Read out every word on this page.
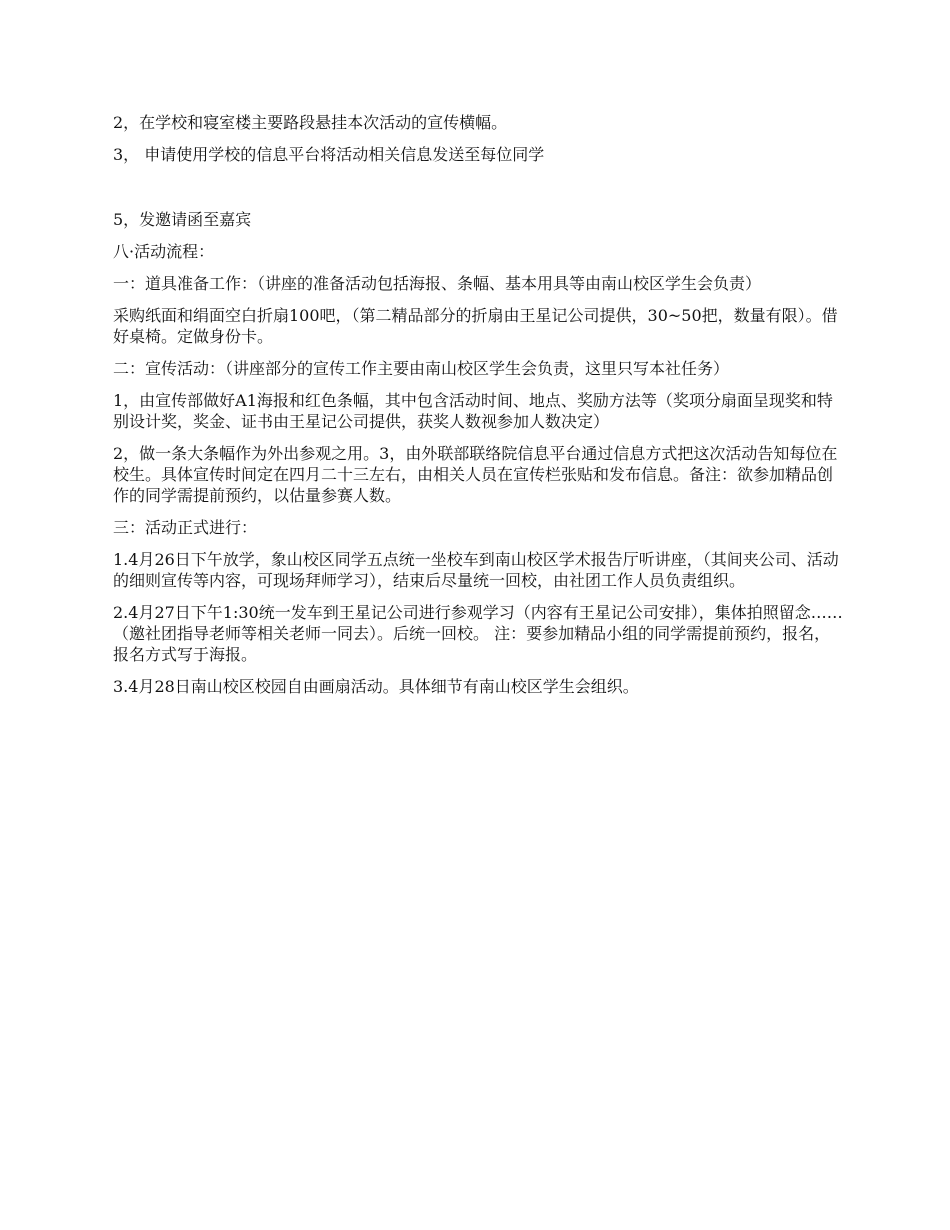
2，在学校和寝室楼主要路段悬挂本次活动的宣传横幅。

3， 申请使用学校的信息平台将活动相关信息发送至每位同学

5，发邀请函至嘉宾

八·活动流程：

一：道具准备工作：（讲座的准备活动包括海报、条幅、基本用具等由南山校区学生会负责）

采购纸面和绢面空白折扇100吧，（第二精品部分的折扇由王星记公司提供，30~50把，数量有限）。借好桌椅。定做身份卡。

二：宣传活动：（讲座部分的宣传工作主要由南山校区学生会负责，这里只写本社任务）

1，由宣传部做好A1海报和红色条幅，其中包含活动时间、地点、奖励方法等（奖项分扇面呈现奖和特别设计奖，奖金、证书由王星记公司提供，获奖人数视参加人数决定）

2，做一条大条幅作为外出参观之用。3，由外联部联络院信息平台通过信息方式把这次活动告知每位在校生。具体宣传时间定在四月二十三左右，由相关人员在宣传栏张贴和发布信息。备注：欲参加精品创作的同学需提前预约，以估量参赛人数。

三：活动正式进行：

1.4月26日下午放学，象山校区同学五点统一坐校车到南山校区学术报告厅听讲座，（其间夹公司、活动的细则宣传等内容，可现场拜师学习），结束后尽量统一回校，由社团工作人员负责组织。

2.4月27日下午1:30统一发车到王星记公司进行参观学习（内容有王星记公司安排），集体拍照留念……（邀社团指导老师等相关老师一同去）。后统一回校。 注：要参加精品小组的同学需提前预约，报名，报名方式写于海报。

3.4月28日南山校区校园自由画扇活动。具体细节有南山校区学生会组织。
